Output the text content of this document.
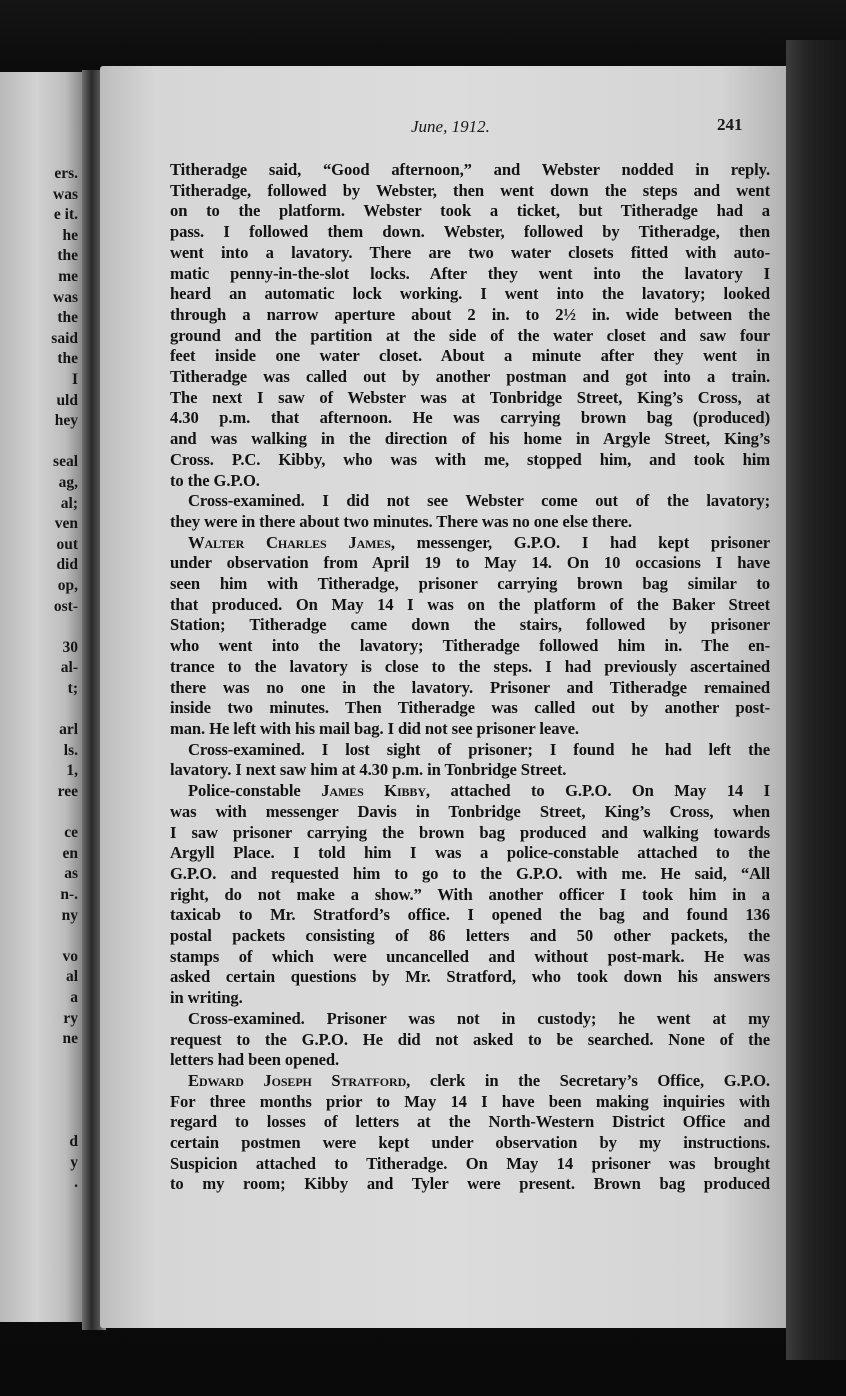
ers.

was

e it.

he

the

me

was

the

said

the

I

uld

hey

seal

ag,

al;

ven

out

did

op,

ost-

30

al-

t;

arl

ls.

1,

ree

ce

en

as

n-.

ny

vo

al

a

ry

ne

d

y

.

June, 1912.	241

Titheradge said, “Good afternoon,” and Webster nodded in reply.

Titheradge, followed by Webster, then went down the steps and went

on to the platform. Webster took a ticket, but Titheradge had a

pass. I followed them down. Webster, followed by Titheradge, then

went into a lavatory. There are two water closets fitted with auto-

matic penny-in-the-slot locks. After they went into the lavatory I

heard an automatic lock working. I went into the lavatory; looked

through a narrow aperture about 2 in. to 2½ in. wide between the

ground and the partition at the side of the water closet and saw four

feet inside one water closet. About a minute after they went in

Titheradge was called out by another postman and got into a train.

The next I saw of Webster was at Tonbridge Street, King’s Cross, at

4.30 p.m. that afternoon. He was carrying brown bag (produced)

and was walking in the direction of his home in Argyle Street, King’s

Cross. P.C. Kibby, who was with me, stopped him, and took him

to the G.P.O.

Cross-examined. I did not see Webster come out of the lavatory;

they were in there about two minutes. There was no one else there.

Walter Charles James, messenger, G.P.O. I had kept prisoner

under observation from April 19 to May 14. On 10 occasions I have

seen him with Titheradge, prisoner carrying brown bag similar to

that produced. On May 14 I was on the platform of the Baker Street

Station; Titheradge came down the stairs, followed by prisoner

who went into the lavatory; Titheradge followed him in. The en-

trance to the lavatory is close to the steps. I had previously ascertained

there was no one in the lavatory. Prisoner and Titheradge remained

inside two minutes. Then Titheradge was called out by another post-

man. He left with his mail bag. I did not see prisoner leave.

Cross-examined. I lost sight of prisoner; I found he had left the

lavatory. I next saw him at 4.30 p.m. in Tonbridge Street.

Police-constable James Kibby, attached to G.P.O. On May 14 I

was with messenger Davis in Tonbridge Street, King’s Cross, when

I saw prisoner carrying the brown bag produced and walking towards

Argyll Place. I told him I was a police-constable attached to the

G.P.O. and requested him to go to the G.P.O. with me. He said, “All

right, do not make a show.” With another officer I took him in a

taxicab to Mr. Stratford’s office. I opened the bag and found 136

postal packets consisting of 86 letters and 50 other packets, the

stamps of which were uncancelled and without post-mark. He was

asked certain questions by Mr. Stratford, who took down his answers

in writing.

Cross-examined. Prisoner was not in custody; he went at my

request to the G.P.O. He did not asked to be searched. None of the

letters had been opened.

Edward Joseph Stratford, clerk in the Secretary’s Office, G.P.O.

For three months prior to May 14 I have been making inquiries with

regard to losses of letters at the North-Western District Office and

certain postmen were kept under observation by my instructions.

Suspicion attached to Titheradge. On May 14 prisoner was brought

to my room; Kibby and Tyler were present. Brown bag produced
